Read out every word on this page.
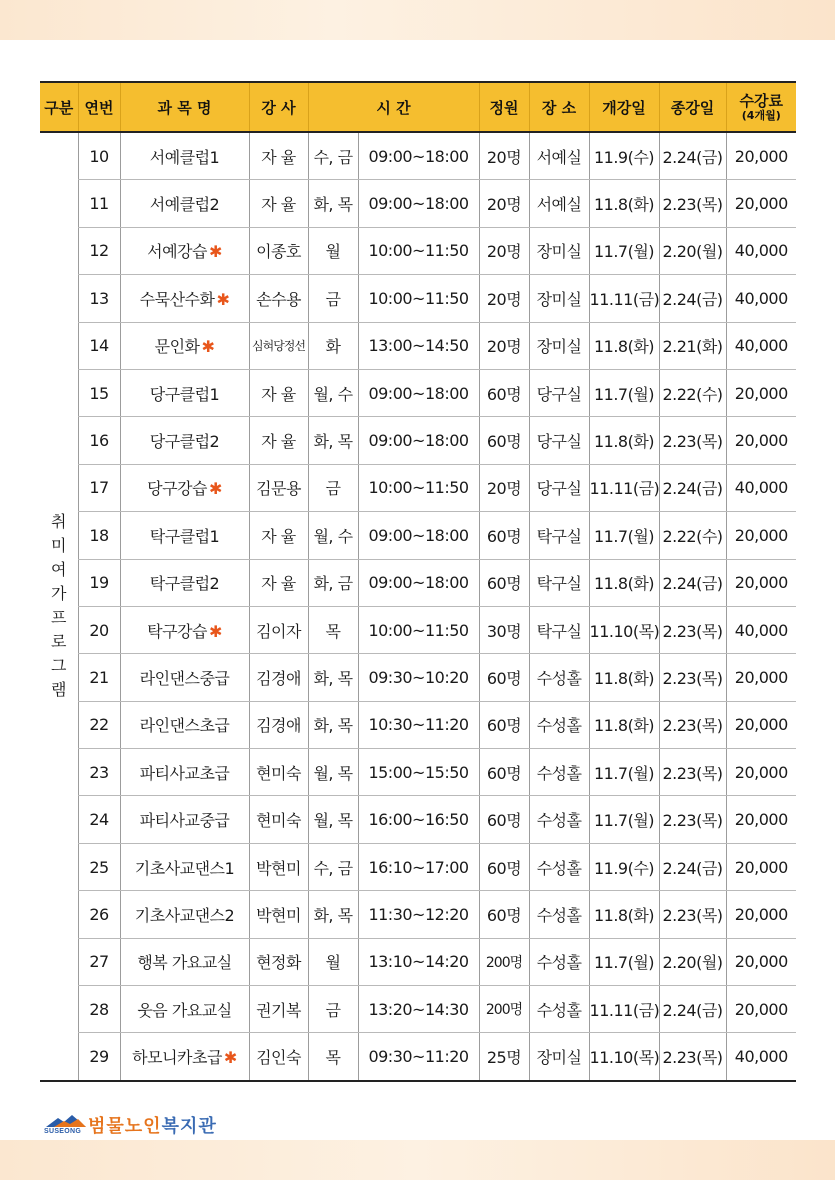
구분	연번	과 목 명	강 사	시 간		정원	장 소	개강일	종강일	수강료
(4개월)

취미여가 프로그램	10	서예클럽1	자 율	수, 금	09:00~18:00	20명	서예실	11.9(수)	2.24(금)	20,000
	11	서예클럽2	자 율	화, 목	09:00~18:00	20명	서예실	11.8(화)	2.23(목)	20,000
	12	서예강습 ✱	이종호	월	10:00~11:50	20명	장미실	11.7(월)	2.20(월)	40,000
	13	수묵산수화 ✱	손수용	금	10:00~11:50	20명	장미실	11.11(금)	2.24(금)	40,000
	14	문인화 ✱	심혀당정선	화	13:00~14:50	20명	장미실	11.8(화)	2.21(화)	40,000
	15	당구클럽1	자 율	월, 수	09:00~18:00	60명	당구실	11.7(월)	2.22(수)	20,000
	16	당구클럽2	자 율	화, 목	09:00~18:00	60명	당구실	11.8(화)	2.23(목)	20,000
	17	당구강습 ✱	김문용	금	10:00~11:50	20명	당구실	11.11(금)	2.24(금)	40,000
	18	탁구클럽1	자 율	월, 수	09:00~18:00	60명	탁구실	11.7(월)	2.22(수)	20,000
	19	탁구클럽2	자 율	화, 금	09:00~18:00	60명	탁구실	11.8(화)	2.24(금)	20,000
	20	탁구강습 ✱	김이자	목	10:00~11:50	30명	탁구실	11.10(목)	2.23(목)	40,000
	21	라인댄스중급	김경애	화, 목	09:30~10:20	60명	수성홀	11.8(화)	2.23(목)	20,000
	22	라인댄스초급	김경애	화, 목	10:30~11:20	60명	수성홀	11.8(화)	2.23(목)	20,000
	23	파티사교초급	현미숙	월, 목	15:00~15:50	60명	수성홀	11.7(월)	2.23(목)	20,000
	24	파티사교중급	현미숙	월, 목	16:00~16:50	60명	수성홀	11.7(월)	2.23(목)	20,000
	25	기초사교댄스1	박현미	수, 금	16:10~17:00	60명	수성홀	11.9(수)	2.24(금)	20,000
	26	기초사교댄스2	박현미	화, 목	11:30~12:20	60명	수성홀	11.8(화)	2.23(목)	20,000
	27	행복 가요교실	현정화	월	13:10~14:20	200명	수성홀	11.7(월)	2.20(월)	20,000
	28	웃음 가요교실	권기복	금	13:20~14:30	200명	수성홀	11.11(금)	2.24(금)	20,000
	29	하모니카초급 ✱	김인숙	목	09:30~11:20	25명	장미실	11.10(목)	2.23(목)	40,000
SUSEONG 범물노인복지관
